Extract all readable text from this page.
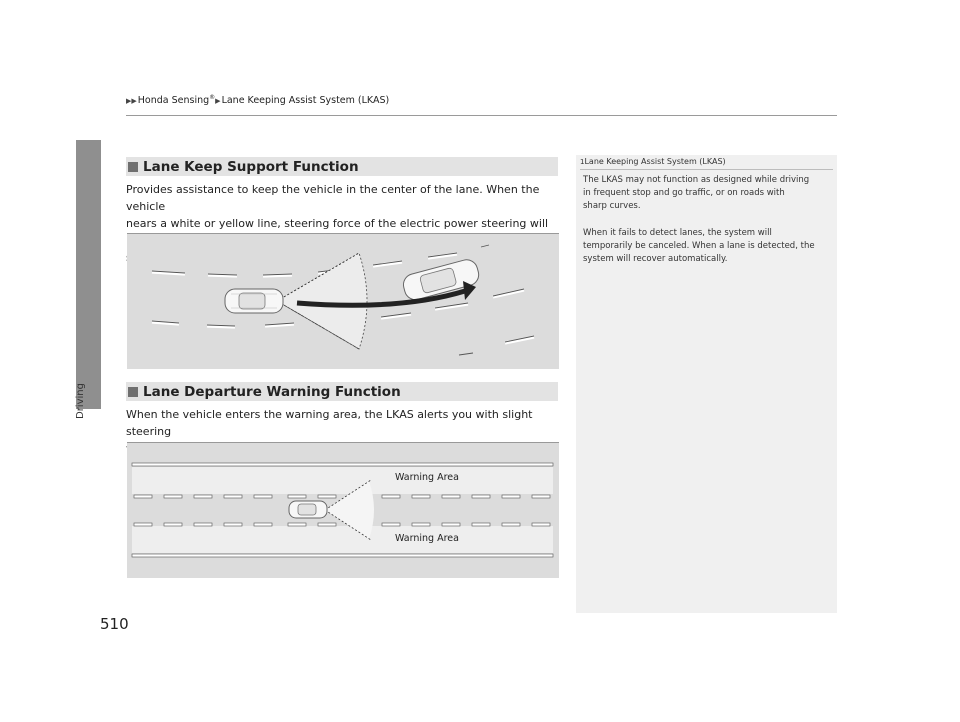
▶▶Honda Sensing®▶Lane Keeping Assist System (LKAS)
Driving
510
Lane Keep Support Function
Provides assistance to keep the vehicle in the center of the lane. When the vehicle
nears a white or yellow line, steering force of the electric power steering will
Lane Departure Warning Function
When the vehicle enters the warning area, the LKAS alerts you with slight steering
Warning Area
Warning Area
1Lane Keeping Assist System (LKAS)
The LKAS may not function as designed while driving
in frequent stop and go traffic, or on roads with
sharp curves.
When it fails to detect lanes, the system will
temporarily be canceled. When a lane is detected, the
system will recover automatically.
